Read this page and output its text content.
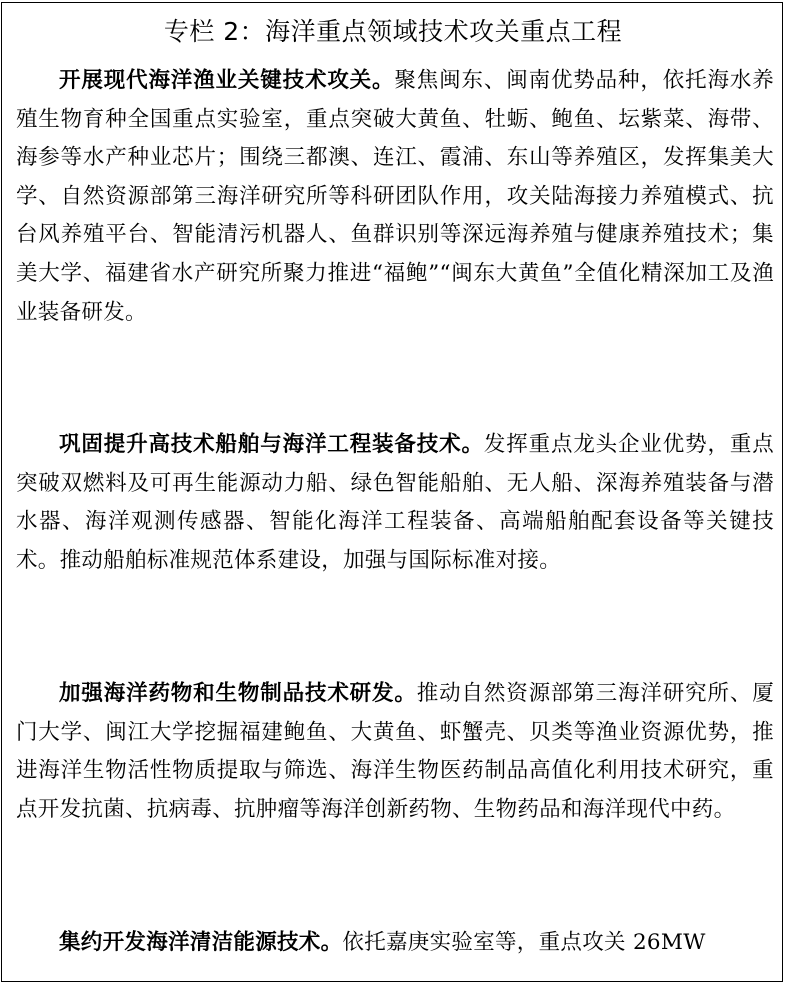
专栏 2：海洋重点领域技术攻关重点工程

开展现代海洋渔业关键技术攻关。聚焦闽东、闽南优势品种，依托海水养殖生物育种全国重点实验室，重点突破大黄鱼、牡蛎、鲍鱼、坛紫菜、海带、海参等水产种业芯片；围绕三都澳、连江、霞浦、东山等养殖区，发挥集美大学、自然资源部第三海洋研究所等科研团队作用，攻关陆海接力养殖模式、抗台风养殖平台、智能清污机器人、鱼群识别等深远海养殖与健康养殖技术；集美大学、福建省水产研究所聚力推进“福鲍”“闽东大黄鱼”全值化精深加工及渔业装备研发。

巩固提升高技术船舶与海洋工程装备技术。发挥重点龙头企业优势，重点突破双燃料及可再生能源动力船、绿色智能船舶、无人船、深海养殖装备与潜水器、海洋观测传感器、智能化海洋工程装备、高端船舶配套设备等关键技术。推动船舶标准规范体系建设，加强与国际标准对接。

加强海洋药物和生物制品技术研发。推动自然资源部第三海洋研究所、厦门大学、闽江大学挖掘福建鲍鱼、大黄鱼、虾蟹壳、贝类等渔业资源优势，推进海洋生物活性物质提取与筛选、海洋生物医药制品高值化利用技术研究，重点开发抗菌、抗病毒、抗肿瘤等海洋创新药物、生物药品和海洋现代中药。

集约开发海洋清洁能源技术。依托嘉庚实验室等，重点攻关 26MW
